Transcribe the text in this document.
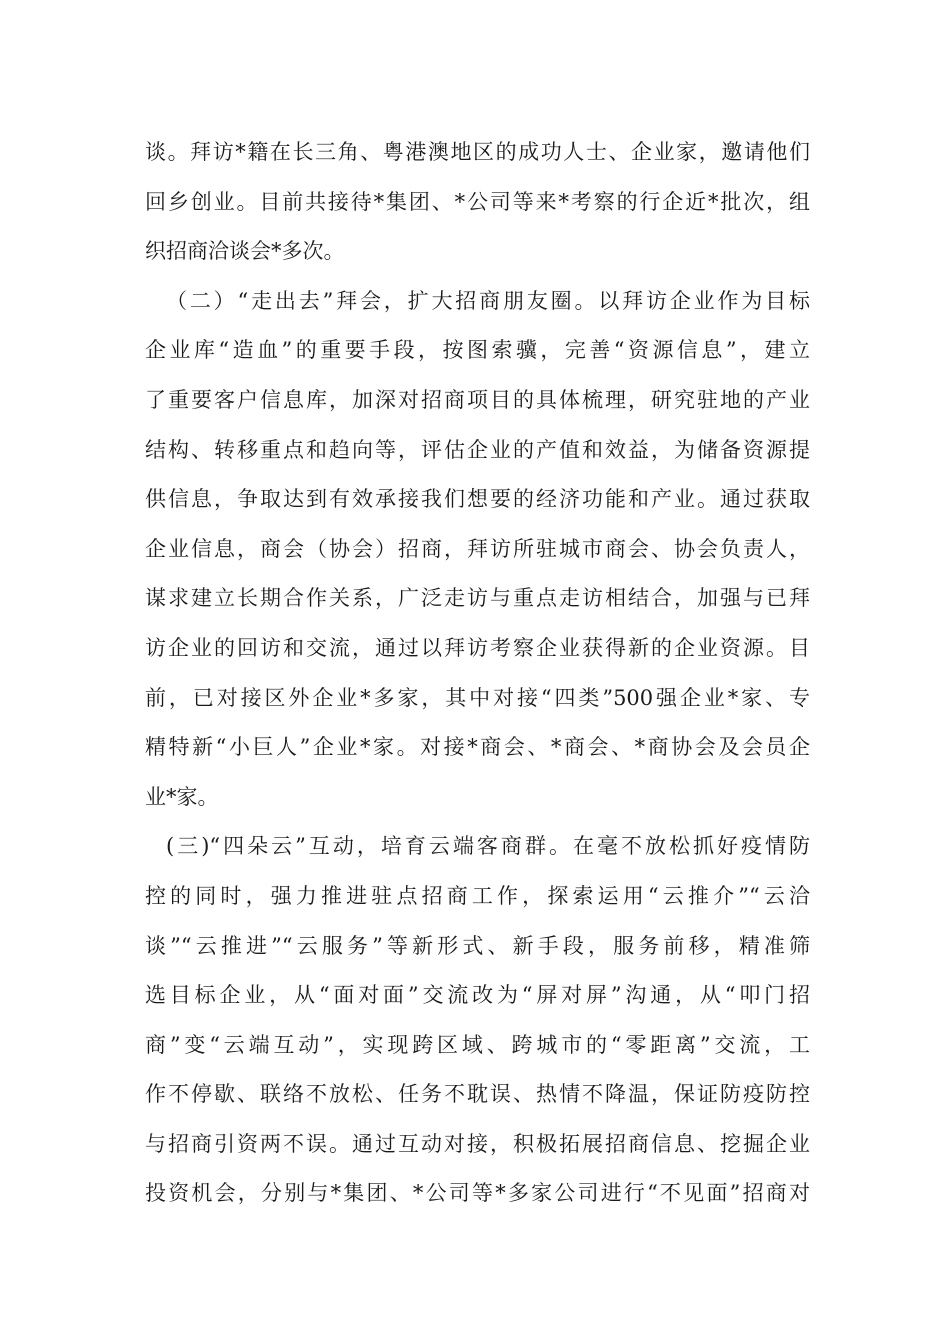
谈。拜访*籍在长三角、粤港澳地区的成功人士、企业家，邀请他们
回乡创业。目前共接待*集团、*公司等来*考察的行企近*批次，组
织招商洽谈会*多次。
（二）“走出去”拜会，扩大招商朋友圈。以拜访企业作为目标
企业库“造血”的重要手段，按图索骥，完善“资源信息”，建立
了重要客户信息库，加深对招商项目的具体梳理，研究驻地的产业
结构、转移重点和趋向等，评估企业的产值和效益，为储备资源提
供信息，争取达到有效承接我们想要的经济功能和产业。通过获取
企业信息，商会（协会）招商，拜访所驻城市商会、协会负责人，
谋求建立长期合作关系，广泛走访与重点走访相结合，加强与已拜
访企业的回访和交流，通过以拜访考察企业获得新的企业资源。目
前，已对接区外企业*多家，其中对接“四类”500强企业*家、专
精特新“小巨人”企业*家。对接*商会、*商会、*商协会及会员企
业*家。
(三)“四朵云”互动，培育云端客商群。在毫不放松抓好疫情防
控的同时，强力推进驻点招商工作，探索运用“云推介”“云洽
谈”“云推进”“云服务”等新形式、新手段，服务前移，精准筛
选目标企业，从“面对面”交流改为“屏对屏”沟通，从“叩门招
商”变“云端互动”，实现跨区域、跨城市的“零距离”交流，工
作不停歇、联络不放松、任务不耽误、热情不降温，保证防疫防控
与招商引资两不误。通过互动对接，积极拓展招商信息、挖掘企业
投资机会，分别与*集团、*公司等*多家公司进行“不见面”招商对
